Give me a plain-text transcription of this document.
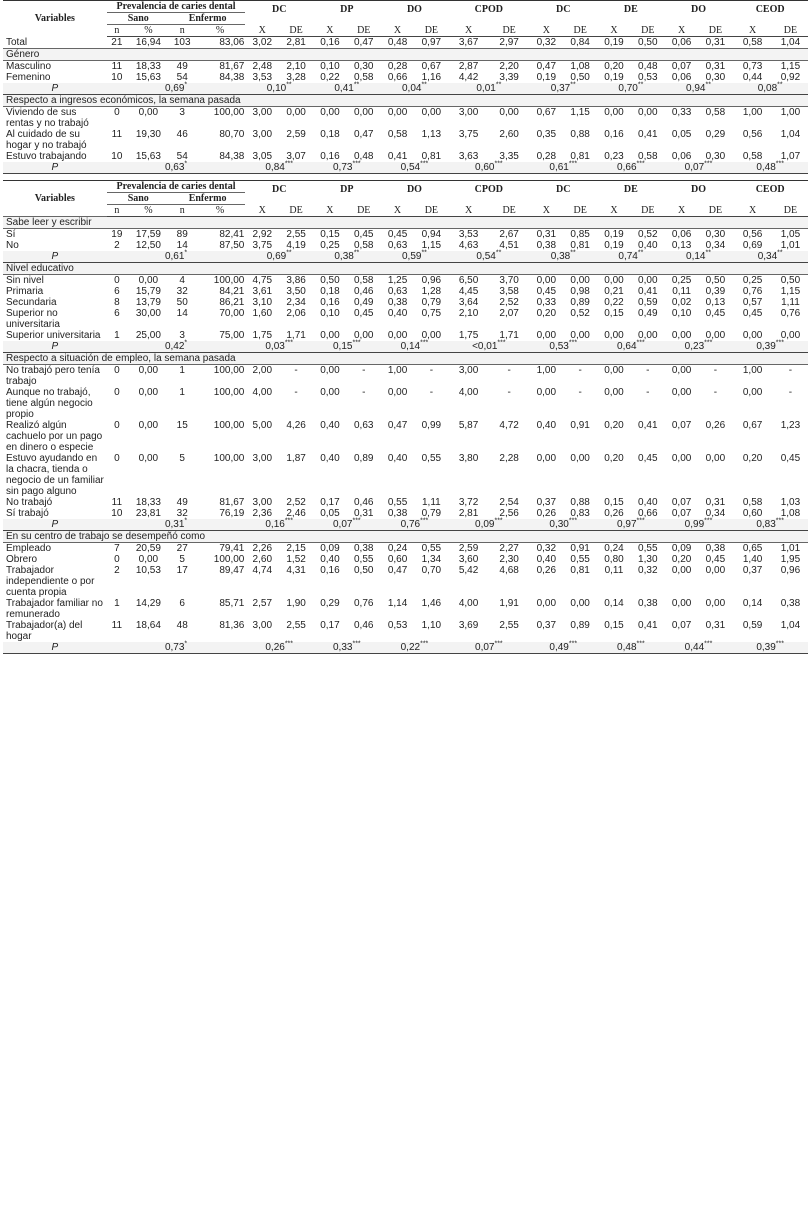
Variables	Prevalencia de caries dental				DC		DP		DO		CPOD		DC		DE		DO		CEOD	
	Sano		Enfermo																	
	n	%	n	%	X	DE	X	DE	X	DE	X	DE	X	DE	X	DE	X	DE	X	DE
Total	21	16,94	103	83,06	3,02	2,81	0,16	0,47	0,48	0,97	3,67	2,97	0,32	0,84	0,19	0,50	0,06	0,31	0,58	1,04
Género																				
Masculino	11	18,33	49	81,67	2,48	2,10	0,10	0,30	0,28	0,67	2,87	2,20	0,47	1,08	0,20	0,48	0,07	0,31	0,73	1,15
Femenino	10	15,63	54	84,38	3,53	3,28	0,22	0,58	0,66	1,16	4,42	3,39	0,19	0,50	0,19	0,53	0,06	0,30	0,44	0,92
P	0,69*				0,10**		0,41**		0,04**		0,01**		0,37**		0,70**		0,94**		0,08**
Respecto a ingresos económicos, la semana pasada																				
Viviendo de sus rentas y no trabajó	0	0,00	3	100,00	3,00	0,00	0,00	0,00	0,00	0,00	3,00	0,00	0,67	1,15	0,00	0,00	0,33	0,58	1,00	1,00
Al cuidado de su hogar y no trabajó	11	19,30	46	80,70	3,00	2,59	0,18	0,47	0,58	1,13	3,75	2,60	0,35	0,88	0,16	0,41	0,05	0,29	0,56	1,04
Estuvo trabajando	10	15,63	54	84,38	3,05	3,07	0,16	0,48	0,41	0,81	3,63	3,35	0,28	0,81	0,23	0,58	0,06	0,30	0,58	1,07
P	0,63*				0,84***		0,73***		0,54***		0,60***		0,61***		0,66***		0,07***		0,48***

Variables	Prevalencia de caries dental				DC		DP		DO		CPOD		DC		DE		DO		CEOD	
	Sano		Enfermo																	
	n	%	n	%	X	DE	X	DE	X	DE	X	DE	X	DE	X	DE	X	DE	X	DE
Sabe leer y escribir																				
Sí	19	17,59	89	82,41	2,92	2,55	0,15	0,45	0,45	0,94	3,53	2,67	0,31	0,85	0,19	0,52	0,06	0,30	0,56	1,05
No	2	12,50	14	87,50	3,75	4,19	0,25	0,58	0,63	1,15	4,63	4,51	0,38	0,81	0,19	0,40	0,13	0,34	0,69	1,01
P	0,61*				0,69**		0,38**		0,59**		0,54**		0,38**		0,74**		0,14**		0,34**
Nivel educativo																				
Sin nivel	0	0,00	4	100,00	4,75	3,86	0,50	0,58	1,25	0,96	6,50	3,70	0,00	0,00	0,00	0,00	0,25	0,50	0,25	0,50
Primaria	6	15,79	32	84,21	3,61	3,50	0,18	0,46	0,63	1,28	4,45	3,58	0,45	0,98	0,21	0,41	0,11	0,39	0,76	1,15
Secundaria	8	13,79	50	86,21	3,10	2,34	0,16	0,49	0,38	0,79	3,64	2,52	0,33	0,89	0,22	0,59	0,02	0,13	0,57	1,11
Superior no universitaria	6	30,00	14	70,00	1,60	2,06	0,10	0,45	0,40	0,75	2,10	2,07	0,20	0,52	0,15	0,49	0,10	0,45	0,45	0,76
Superior universitaria	1	25,00	3	75,00	1,75	1,71	0,00	0,00	0,00	0,00	1,75	1,71	0,00	0,00	0,00	0,00	0,00	0,00	0,00	0,00
P	0,42*				0,03***		0,15***		0,14***		<0,01***		0,53***		0,64***		0,23***		0,39***
Respecto a situación de empleo, la semana pasada																				
No trabajó pero tenía trabajo	0	0,00	1	100,00	2,00	-	0,00	-	1,00	-	3,00	-	1,00	-	0,00	-	0,00	-	1,00	-
Aunque no trabajó, tiene algún negocio propio	0	0,00	1	100,00	4,00	-	0,00	-	0,00	-	4,00	-	0,00	-	0,00	-	0,00	-	0,00	-
Realizó algún cachuelo por un pago en dinero o especie	0	0,00	15	100,00	5,00	4,26	0,40	0,63	0,47	0,99	5,87	4,72	0,40	0,91	0,20	0,41	0,07	0,26	0,67	1,23
Estuvo ayudando en la chacra, tienda o negocio de un familiar sin pago alguno	0	0,00	5	100,00	3,00	1,87	0,40	0,89	0,40	0,55	3,80	2,28	0,00	0,00	0,20	0,45	0,00	0,00	0,20	0,45
No trabajó	11	18,33	49	81,67	3,00	2,52	0,17	0,46	0,55	1,11	3,72	2,54	0,37	0,88	0,15	0,40	0,07	0,31	0,58	1,03
Sí trabajó	10	23,81	32	76,19	2,36	2,46	0,05	0,31	0,38	0,79	2,81	2,56	0,26	0,83	0,26	0,66	0,07	0,34	0,60	1,08
P	0,31*				0,16***		0,07***		0,76***		0,09***		0,30***		0,97***		0,99***		0,83***
En su centro de trabajo se desempeñó como																				
Empleado	7	20,59	27	79,41	2,26	2,15	0,09	0,38	0,24	0,55	2,59	2,27	0,32	0,91	0,24	0,55	0,09	0,38	0,65	1,01
Obrero	0	0,00	5	100,00	2,60	1,52	0,40	0,55	0,60	1,34	3,60	2,30	0,40	0,55	0,80	1,30	0,20	0,45	1,40	1,95
Trabajador independiente o por cuenta propia	2	10,53	17	89,47	4,74	4,31	0,16	0,50	0,47	0,70	5,42	4,68	0,26	0,81	0,11	0,32	0,00	0,00	0,37	0,96
Trabajador familiar no remunerado	1	14,29	6	85,71	2,57	1,90	0,29	0,76	1,14	1,46	4,00	1,91	0,00	0,00	0,14	0,38	0,00	0,00	0,14	0,38
Trabajador(a) del hogar	11	18,64	48	81,36	3,00	2,55	0,17	0,46	0,53	1,10	3,69	2,55	0,37	0,89	0,15	0,41	0,07	0,31	0,59	1,04
P	0,73*				0,26***		0,33***		0,22***		0,07***		0,49***		0,48***		0,44***		0,39***
